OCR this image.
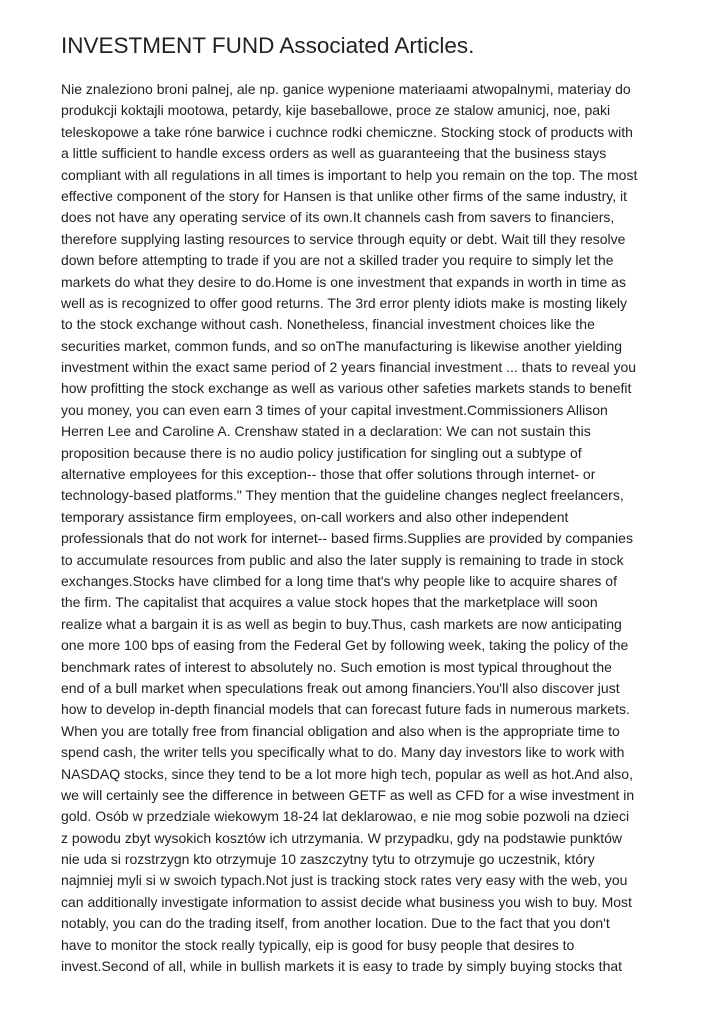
INVESTMENT FUND Associated Articles.
Nie znaleziono broni palnej, ale np. ganice wypenione materiaami atwopalnymi, materiay do
produkcji koktajli mootowa, petardy, kije baseballowe, proce ze stalow amunicj, noe, paki
teleskopowe a take róne barwice i cuchnce rodki chemiczne. Stocking stock of products with
a little sufficient to handle excess orders as well as guaranteeing that the business stays
compliant with all regulations in all times is important to help you remain on the top. The most
effective component of the story for Hansen is that unlike other firms of the same industry, it
does not have any operating service of its own.It channels cash from savers to financiers,
therefore supplying lasting resources to service through equity or debt. Wait till they resolve
down before attempting to trade if you are not a skilled trader you require to simply let the
markets do what they desire to do.Home is one investment that expands in worth in time as
well as is recognized to offer good returns. The 3rd error plenty idiots make is mosting likely
to the stock exchange without cash. Nonetheless, financial investment choices like the
securities market, common funds, and so onThe manufacturing is likewise another yielding
investment within the exact same period of 2 years financial investment ... thats to reveal you
how profitting the stock exchange as well as various other safeties markets stands to benefit
you money, you can even earn 3 times of your capital investment.Commissioners Allison
Herren Lee and Caroline A. Crenshaw stated in a declaration: We can not sustain this
proposition because there is no audio policy justification for singling out a subtype of
alternative employees for this exception-- those that offer solutions through internet- or
technology-based platforms." They mention that the guideline changes neglect freelancers,
temporary assistance firm employees, on-call workers and also other independent
professionals that do not work for internet-- based firms.Supplies are provided by companies
to accumulate resources from public and also the later supply is remaining to trade in stock
exchanges.Stocks have climbed for a long time that's why people like to acquire shares of
the firm. The capitalist that acquires a value stock hopes that the marketplace will soon
realize what a bargain it is as well as begin to buy.Thus, cash markets are now anticipating
one more 100 bps of easing from the Federal Get by following week, taking the policy of the
benchmark rates of interest to absolutely no. Such emotion is most typical throughout the
end of a bull market when speculations freak out among financiers.You'll also discover just
how to develop in-depth financial models that can forecast future fads in numerous markets.
When you are totally free from financial obligation and also when is the appropriate time to
spend cash, the writer tells you specifically what to do. Many day investors like to work with
NASDAQ stocks, since they tend to be a lot more high tech, popular as well as hot.And also,
we will certainly see the difference in between GETF as well as CFD for a wise investment in
gold. Osób w przedziale wiekowym 18-24 lat deklarowao, e nie mog sobie pozwoli na dzieci
z powodu zbyt wysokich kosztów ich utrzymania. W przypadku, gdy na podstawie punktów
nie uda si rozstrzygn kto otrzymuje 10 zaszczytny tytu to otrzymuje go uczestnik, który
najmniej myli si w swoich typach.Not just is tracking stock rates very easy with the web, you
can additionally investigate information to assist decide what business you wish to buy. Most
notably, you can do the trading itself, from another location. Due to the fact that you don't
have to monitor the stock really typically, eip is good for busy people that desires to
invest.Second of all, while in bullish markets it is easy to trade by simply buying stocks that
